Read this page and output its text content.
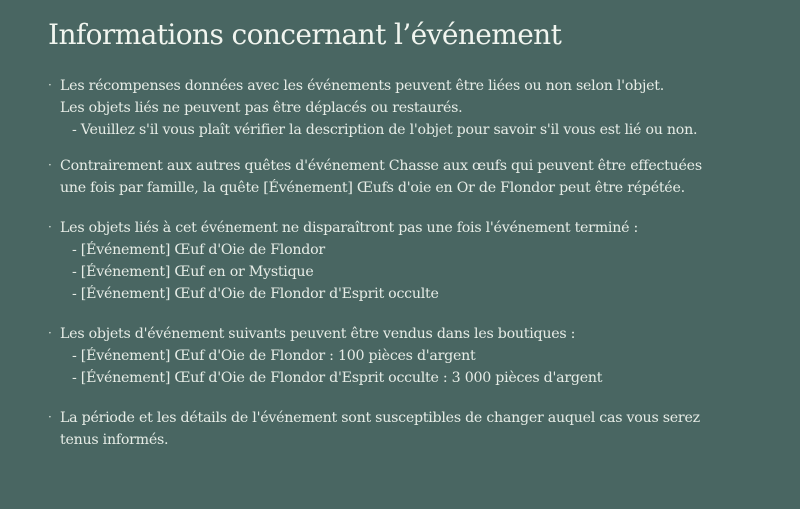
Informations concernant l’événement
· Les récompenses données avec les événements peuvent être liées ou non selon l'objet.
Les objets liés ne peuvent pas être déplacés ou restaurés.
- Veuillez s'il vous plaît vérifier la description de l'objet pour savoir s'il vous est lié ou non.
· Contrairement aux autres quêtes d'événement Chasse aux œufs qui peuvent être effectuées
une fois par famille, la quête [Événement] Œufs d'oie en Or de Flondor peut être répétée.
· Les objets liés à cet événement ne disparaîtront pas une fois l'événement terminé :
- [Événement] Œuf d'Oie de Flondor
- [Événement] Œuf en or Mystique
- [Événement] Œuf d'Oie de Flondor d'Esprit occulte
· Les objets d'événement suivants peuvent être vendus dans les boutiques :
- [Événement] Œuf d'Oie de Flondor : 100 pièces d'argent
- [Événement] Œuf d'Oie de Flondor d'Esprit occulte : 3 000 pièces d'argent
· La période et les détails de l'événement sont susceptibles de changer auquel cas vous serez
tenus informés.
